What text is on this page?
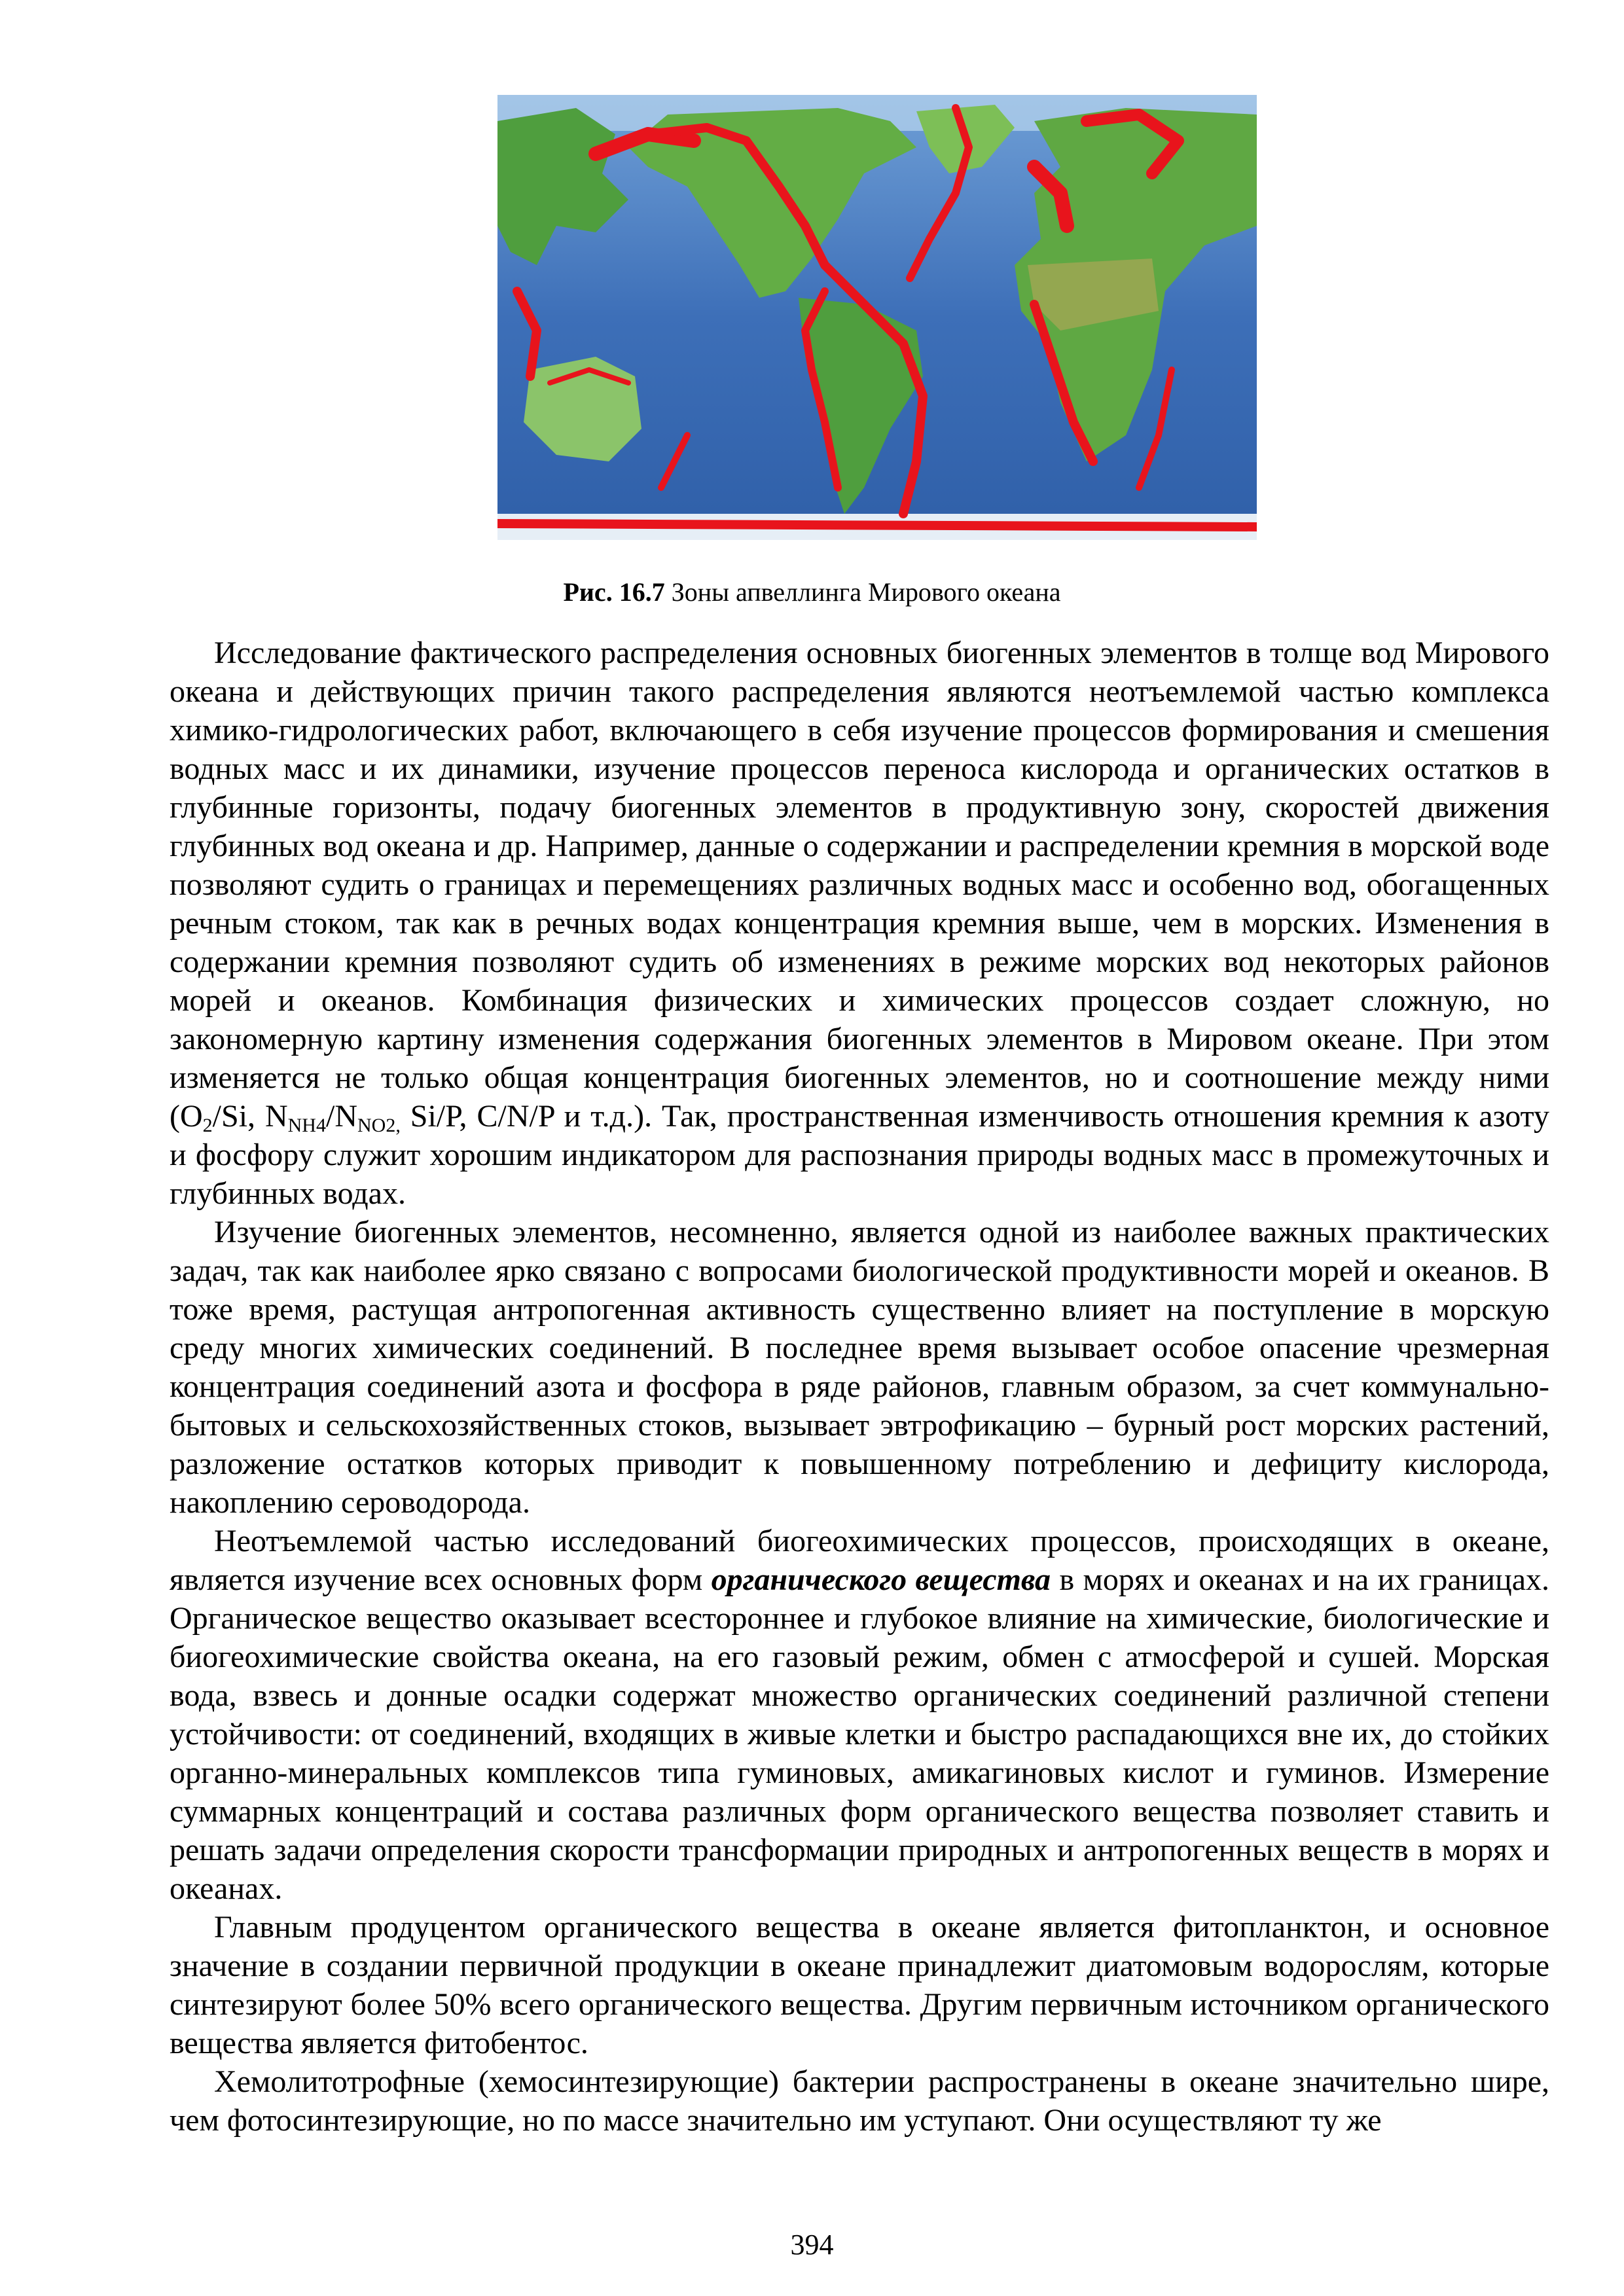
Рис. 16.7 Зоны апвеллинга Мирового океана

Исследование фактического распределения основных биогенных элементов в толще вод Мирового океана и действующих причин такого распределения являются неотъемлемой частью комплекса химико-гидрологических работ, включающего в себя изучение процессов формирования и смешения водных масс и их динамики, изучение процессов переноса кислорода и органических остатков в глубинные горизонты, подачу биогенных элементов в продуктивную зону, скоростей движения глубинных вод океана и др. Например, данные о содержании и распределении кремния в морской воде позволяют судить о границах и перемещениях различных водных масс и особенно вод, обогащенных речным стоком, так как в речных водах концентрация кремния выше, чем в морских. Изменения в содержании кремния позволяют судить об изменениях в режиме морских вод некоторых районов морей и океанов. Комбинация физических и химических процессов создает сложную, но закономерную картину изменения содержания биогенных элементов в Мировом океане. При этом изменяется не только общая концентрация биогенных элементов, но и соотношение между ними ($O_2/Si$, $N_{NH4}/N_{NO2,}$ Si/P, C/N/P и т.д.). Так, пространственная изменчивость отношения кремния к азоту и фосфору служит хорошим индикатором для распознания природы водных масс в промежуточных и глубинных водах.

Изучение биогенных элементов, несомненно, является одной из наиболее важных практических задач, так как наиболее ярко связано с вопросами биологической продуктивности морей и океанов. В тоже время, растущая антропогенная активность существенно влияет на поступление в морскую среду многих химических соединений. В последнее время вызывает особое опасение чрезмерная концентрация соединений азота и фосфора в ряде районов, главным образом, за счет коммунально-бытовых и сельскохозяйственных стоков, вызывает эвтрофикацию – бурный рост морских растений, разложение остатков которых приводит к повышенному потреблению и дефициту кислорода, накоплению сероводорода.

Неотъемлемой частью исследований биогеохимических процессов, происходящих в океане, является изучение всех основных форм органического вещества в морях и океанах и на их границах. Органическое вещество оказывает всестороннее и глубокое влияние на химические, биологические и биогеохимические свойства океана, на его газовый режим, обмен с атмосферой и сушей. Морская вода, взвесь и донные осадки содержат множество органических соединений различной степени устойчивости: от соединений, входящих в живые клетки и быстро распадающихся вне их, до стойких органно-минеральных комплексов типа гуминовых, амикагиновых кислот и гуминов. Измерение суммарных концентраций и состава различных форм органического вещества позволяет ставить и решать задачи определения скорости трансформации природных и антропогенных веществ в морях и океанах.

Главным продуцентом органического вещества в океане является фитопланктон, и основное значение в создании первичной продукции в океане принадлежит диатомовым водорослям, которые синтезируют более 50% всего органического вещества. Другим первичным источником органического вещества является фитобентос.

Хемолитотрофные (хемосинтезирующие) бактерии распространены в океане значительно шире, чем фотосинтезирующие, но по массе значительно им уступают. Они осуществляют ту же

394
